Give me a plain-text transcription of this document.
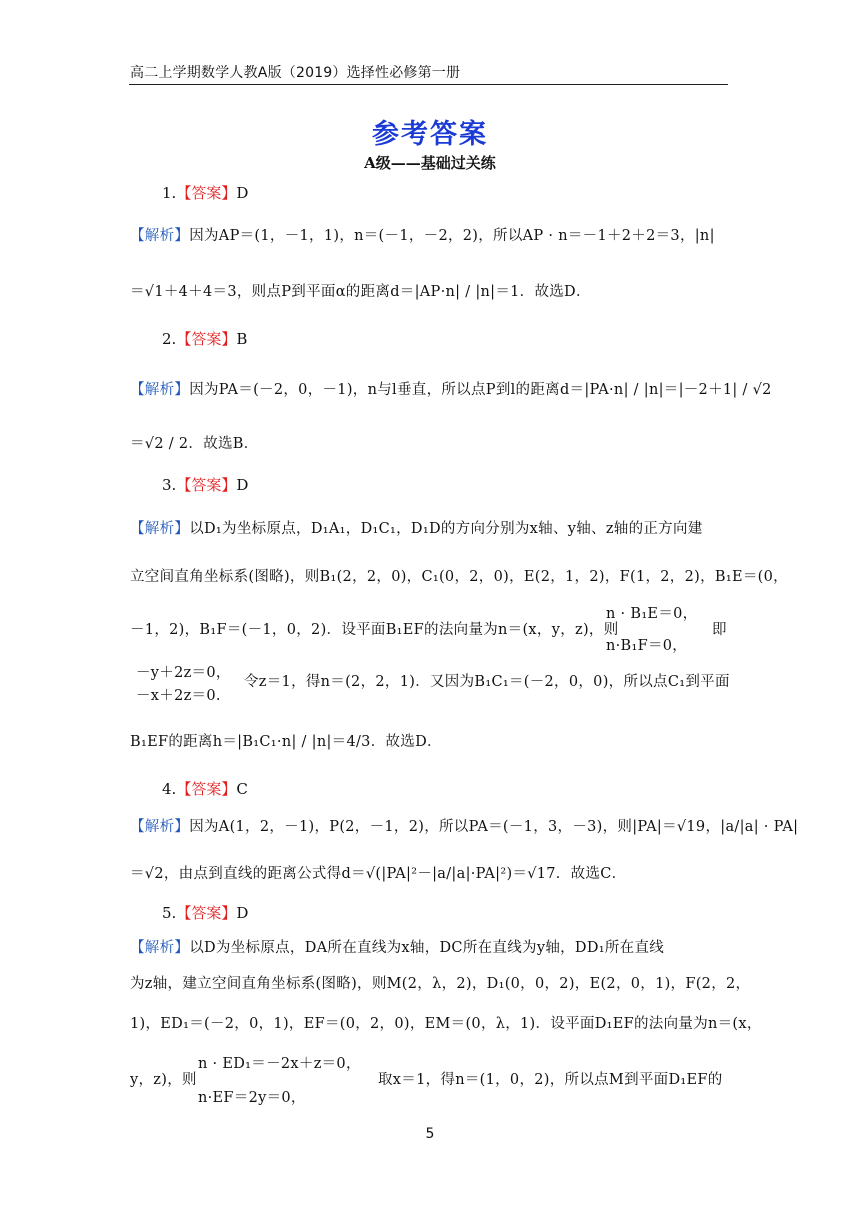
高二上学期数学人教A版（2019）选择性必修第一册
参考答案
A级——基础过关练
1.【答案】D
【解析】因为AP＝(1，－1，1)，n＝(－1，－2，2)，所以AP · n＝－1＋2＋2＝3，|n|
＝√1＋4＋4＝3，则点P到平面α的距离d＝|AP·n| / |n|＝1．故选D．
2.【答案】B
【解析】因为PA＝(－2，0，－1)，n与l垂直，所以点P到l的距离d＝|PA·n| / |n|＝|－2＋1| / √2
＝√2 / 2．故选B．
3.【答案】D
【解析】以D₁为坐标原点，D₁A₁，D₁C₁，D₁D的方向分别为x轴、y轴、z轴的正方向建
立空间直角坐标系(图略)，则B₁(2，2，0)，C₁(0，2，0)，E(2，1，2)，F(1，2，2)，B₁E＝(0，
－1，2)，B₁F＝(－1，0，2)．设平面B₁EF的法向量为n＝(x，y，z)，则
n · B₁E＝0，
n·B₁F＝0，
即
－y＋2z＝0，
－x＋2z＝0.
令z＝1，得n＝(2，2，1)．又因为B₁C₁＝(－2，0，0)，所以点C₁到平面
B₁EF的距离h＝|B₁C₁·n| / |n|＝4/3．故选D．
4.【答案】C
【解析】因为A(1，2，－1)，P(2，－1，2)，所以PA＝(－1，3，－3)，则|PA|＝√19，|a/|a| · PA|
＝√2，由点到直线的距离公式得d＝√(|PA|²－|a/|a|·PA|²)＝√17．故选C．
5.【答案】D
【解析】以D为坐标原点，DA所在直线为x轴，DC所在直线为y轴，DD₁所在直线
为z轴，建立空间直角坐标系(图略)，则M(2，λ，2)，D₁(0，0，2)，E(2，0，1)，F(2，2，
1)，ED₁＝(－2，0，1)，EF＝(0，2，0)，EM＝(0，λ，1)．设平面D₁EF的法向量为n＝(x，
y，z)，则
n · ED₁＝－2x＋z＝0，
n·EF＝2y＝0，
取x＝1，得n＝(1，0，2)，所以点M到平面D₁EF的
5
